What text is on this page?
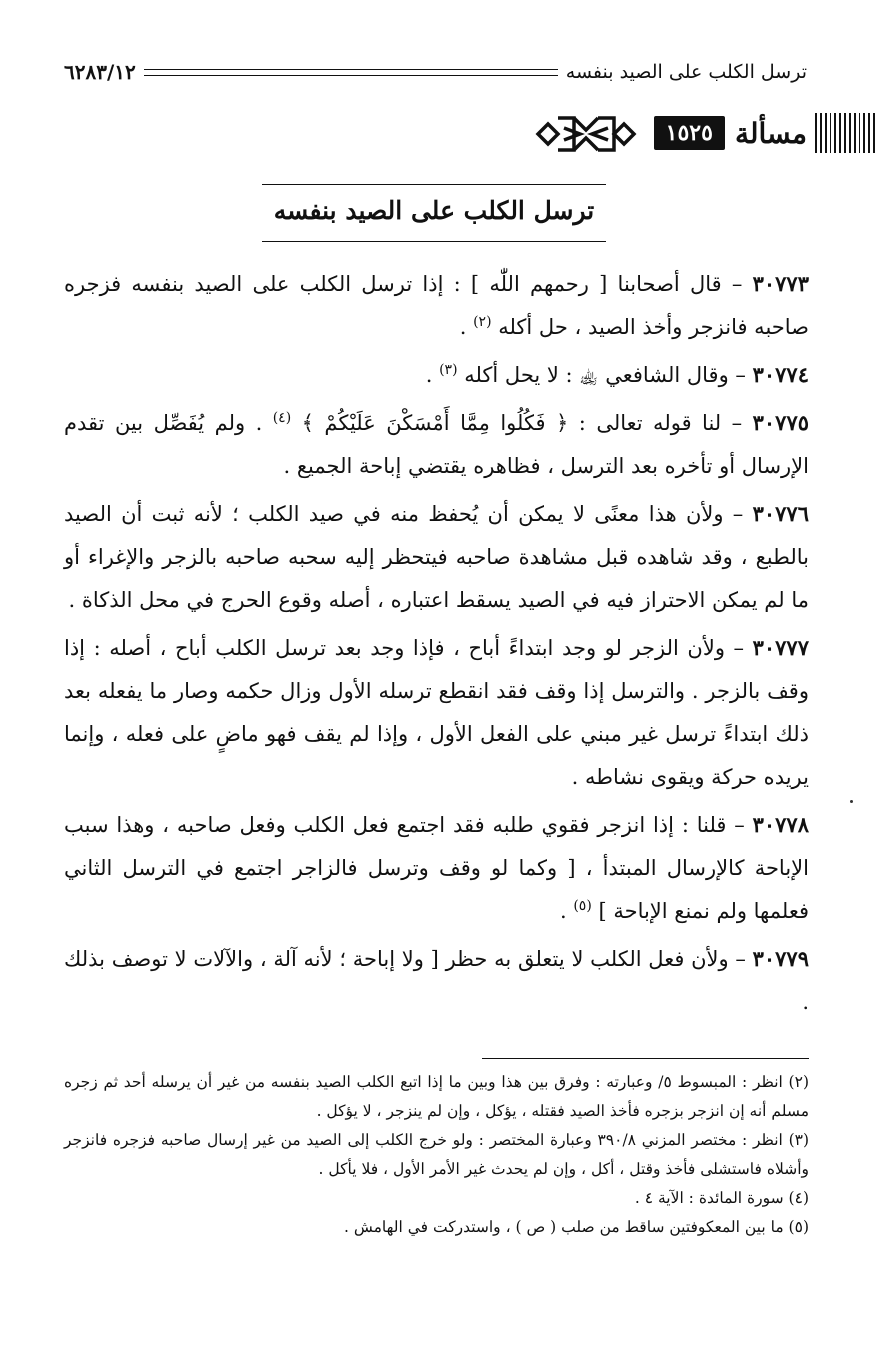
ترسل الكلب على الصيد بنفسه
٦٢٨٣/١٢
مسألة
١٥٢٥
ترسل الكلب على الصيد بنفسه

٣٠٧٧٣ – قال أصحابنا [ رحمهم اللّٰه ] : إذا ترسل الكلب على الصيد بنفسه فزجره صاحبه فانزجر وأخذ الصيد ، حل أكله $^{(٢)}$ .

٣٠٧٧٤ – وقال الشافعي ﵀ : لا يحل أكله $^{(٣)}$ .

٣٠٧٧٥ – لنا قوله تعالى : ﴿ فَكُلُوا مِمَّا أَمْسَكْنَ عَلَيْكُمْ ﴾ $^{(٤)}$ . ولم يُفَصِّل بين تقدم الإرسال أو تأخره بعد الترسل ، فظاهره يقتضي إباحة الجميع .

٣٠٧٧٦ – ولأن هذا معنًى لا يمكن أن يُحفظ منه في صيد الكلب ؛ لأنه ثبت أن الصيد بالطبع ، وقد شاهده قبل مشاهدة صاحبه فيتحظر إليه سحبه صاحبه بالزجر والإغراء أو ما لم يمكن الاحتراز فيه في الصيد يسقط اعتباره ، أصله وقوع الحرج في محل الذكاة .

٣٠٧٧٧ – ولأن الزجر لو وجد ابتداءً أباح ، فإذا وجد بعد ترسل الكلب أباح ، أصله : إذا وقف بالزجر . والترسل إذا وقف فقد انقطع ترسله الأول وزال حكمه وصار ما يفعله بعد ذلك ابتداءً ترسل غير مبني على الفعل الأول ، وإذا لم يقف فهو ماضٍ على فعله ، وإنما يريده حركة ويقوى نشاطه .

٣٠٧٧٨ – قلنا : إذا انزجر فقوي طلبه فقد اجتمع فعل الكلب وفعل صاحبه ، وهذا سبب الإباحة كالإرسال المبتدأ ، [ وكما لو وقف وترسل فالزاجر اجتمع في الترسل الثاني فعلمها ولم نمنع الإباحة ] $^{(٥)}$ .

٣٠٧٧٩ – ولأن فعل الكلب لا يتعلق به حظر [ ولا إباحة ؛ لأنه آلة ، والآلات لا توصف بذلك .

(٢) انظر : المبسوط ٥/ وعبارته : وفرق بين هذا وبين ما إذا اتبع الكلب الصيد بنفسه من غير أن يرسله أحد ثم زجره مسلم أنه إن انزجر بزجره فأخذ الصيد فقتله ، يؤكل ، وإن لم ينزجر ، لا يؤكل .

(٣) انظر : مختصر المزني ٣٩٠/٨ وعبارة المختصر : ولو خرج الكلب إلى الصيد من غير إرسال صاحبه فزجره فانزجر وأشلاه فاستشلى فأخذ وقتل ، أكل ، وإن لم يحدث غير الأمر الأول ، فلا يأكل .

(٤) سورة المائدة : الآية ٤ .

(٥) ما بين المعكوفتين ساقط من صلب ( ص ) ، واستدركت في الهامش .
